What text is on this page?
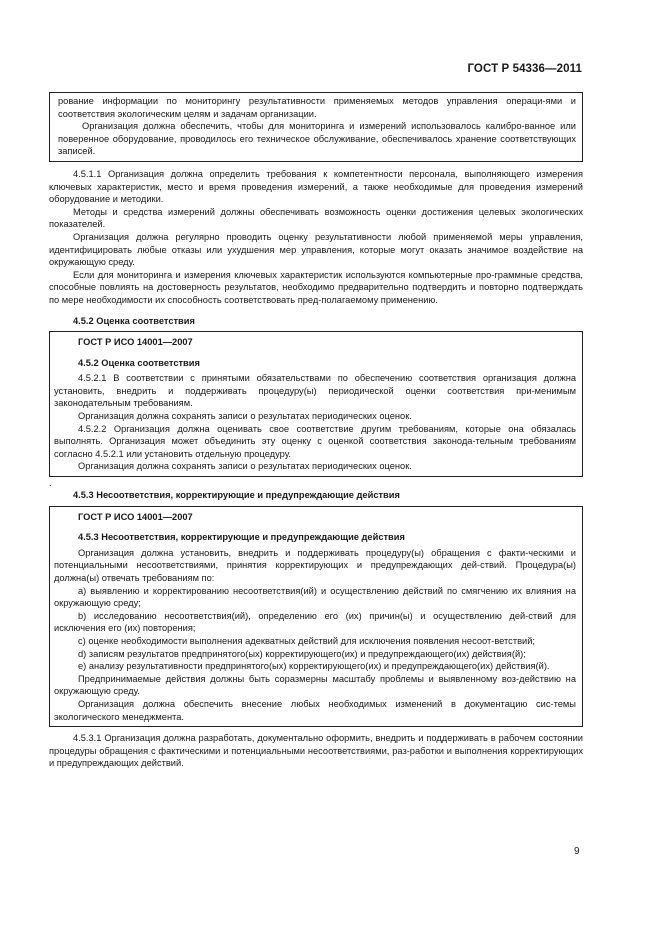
ГОСТ Р 54336—2011

рование информации по мониторингу результативности применяемых методов управления операци-ями и соответствия экологическим целям и задачам организации.

Организация должна обеспечить, чтобы для мониторинга и измерений использовалось калибро-ванное или поверенное оборудование, проводилось его техническое обслуживание, обеспечивалось хранение соответствующих записей.

4.5.1.1 Организация должна определить требования к компетентности персонала, выполняющего измерения ключевых характеристик, место и время проведения измерений, а также необходимые для проведения измерений оборудование и методики.

Методы и средства измерений должны обеспечивать возможность оценки достижения целевых экологических показателей.

Организация должна регулярно проводить оценку результативности любой применяемой меры управления, идентифицировать любые отказы или ухудшения мер управления, которые могут оказать значимое воздействие на окружающую среду.

Если для мониторинга и измерения ключевых характеристик используются компьютерные про-граммные средства, способные повлиять на достоверность результатов, необходимо предварительно подтвердить и повторно подтверждать по мере необходимости их способность соответствовать пред-полагаемому применению.

4.5.2 Оценка соответствия
ГОСТ Р ИСО 14001—2007

4.5.2 Оценка соответствия

4.5.2.1 В соответствии с принятыми обязательствами по обеспечению соответствия организация должна установить, внедрить и поддерживать процедуру(ы) периодической оценки соответствия при-менимым законодательным требованиям.

Организация должна сохранять записи о результатах периодических оценок.

4.5.2.2 Организация должна оценивать свое соответствие другим требованиям, которые она обязалась выполнять. Организация может объединить эту оценку с оценкой соответствия законода-тельным требованиям согласно 4.5.2.1 или установить отдельную процедуру.

Организация должна сохранять записи о результатах периодических оценок.

.
4.5.3 Несоответствия, корректирующие и предупреждающие действия
ГОСТ Р ИСО 14001—2007

4.5.3 Несоответствия, корректирующие и предупреждающие действия

Организация должна установить, внедрить и поддерживать процедуру(ы) обращения с факти-ческими и потенциальными несоответствиями, принятия корректирующих и предупреждающих дей-ствий. Процедура(ы) должна(ы) отвечать требованиям по:

a) выявлению и корректированию несоответствия(ий) и осуществлению действий по смягчению их влияния на окружающую среду;

b) исследованию несоответствия(ий), определению его (их) причин(ы) и осуществлению дей-ствий для исключения его (их) повторения;

c) оценке необходимости выполнения адекватных действий для исключения появления несоот-ветствий;

d) записям результатов предпринятого(ых) корректирующего(их) и предупреждающего(их) действия(й);

e) анализу результативности предпринятого(ых) корректирующего(их) и предупреждающего(их) действия(й).

Предпринимаемые действия должны быть соразмерны масштабу проблемы и выявленному воз-действию на окружающую среду.

Организация должна обеспечить внесение любых необходимых изменений в документацию сис-темы экологического менеджмента.

4.5.3.1 Организация должна разработать, документально оформить, внедрить и поддерживать в рабочем состоянии процедуры обращения с фактическими и потенциальными несоответствиями, раз-работки и выполнения корректирующих и предупреждающих действий.

9
